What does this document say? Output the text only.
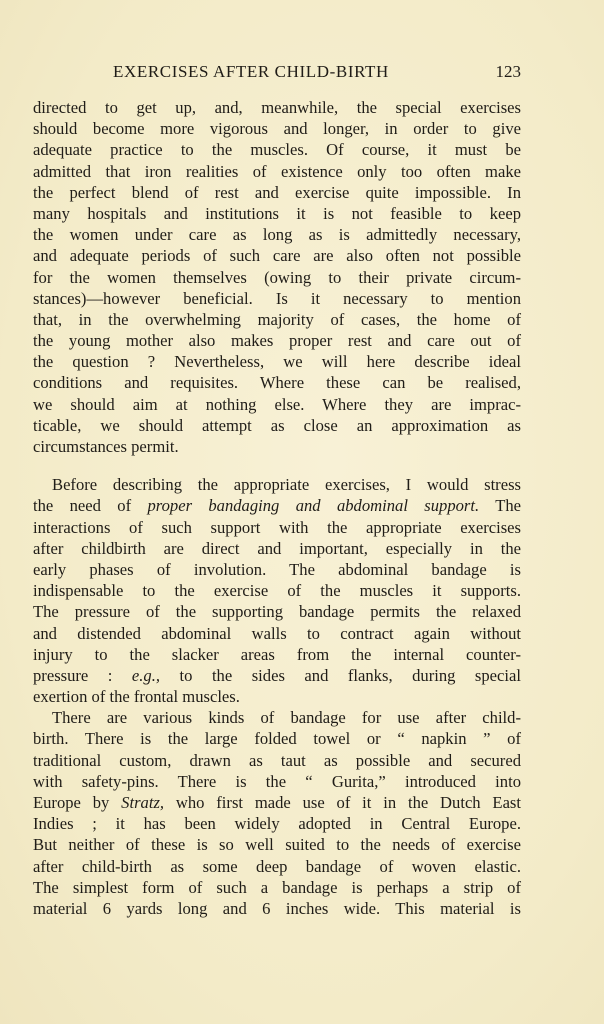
EXERCISES AFTER CHILD-BIRTH	123
directed to get up, and, meanwhile, the special exercises
should become more vigorous and longer, in order to give
adequate practice to the muscles. Of course, it must be
admitted that iron realities of existence only too often make
the perfect blend of rest and exercise quite impossible. In
many hospitals and institutions it is not feasible to keep
the women under care as long as is admittedly necessary,
and adequate periods of such care are also often not possible
for the women themselves (owing to their private circum-
stances)—however beneficial. Is it necessary to mention
that, in the overwhelming majority of cases, the home of
the young mother also makes proper rest and care out of
the question ? Nevertheless, we will here describe ideal
conditions and requisites. Where these can be realised,
we should aim at nothing else. Where they are imprac-
ticable, we should attempt as close an approximation as
circumstances permit.
Before describing the appropriate exercises, I would stress
the need of proper bandaging and abdominal support. The
interactions of such support with the appropriate exercises
after childbirth are direct and important, especially in the
early phases of involution. The abdominal bandage is
indispensable to the exercise of the muscles it supports.
The pressure of the supporting bandage permits the relaxed
and distended abdominal walls to contract again without
injury to the slacker areas from the internal counter-
pressure : e.g., to the sides and flanks, during special
exertion of the frontal muscles.
There are various kinds of bandage for use after child-
birth. There is the large folded towel or “ napkin ” of
traditional custom, drawn as taut as possible and secured
with safety-pins. There is the “ Gurita,” introduced into
Europe by Stratz, who first made use of it in the Dutch East
Indies ; it has been widely adopted in Central Europe.
But neither of these is so well suited to the needs of exercise
after child-birth as some deep bandage of woven elastic.
The simplest form of such a bandage is perhaps a strip of
material 6 yards long and 6 inches wide. This material is
